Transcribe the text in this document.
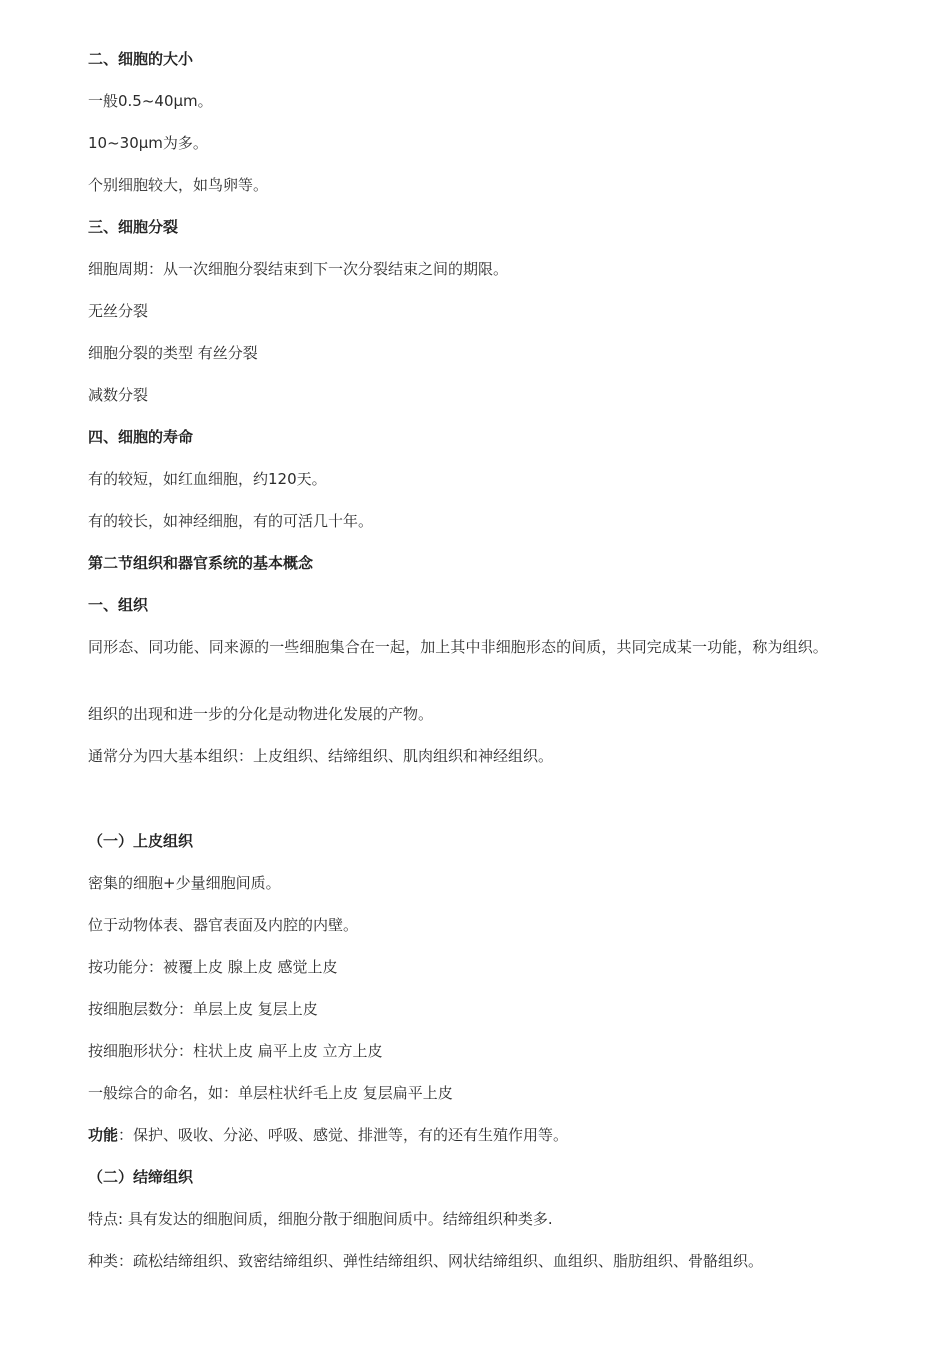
二、细胞的大小

一般0.5~40μm。

10~30μm为多。

个别细胞较大，如鸟卵等。

三、细胞分裂

细胞周期：从一次细胞分裂结束到下一次分裂结束之间的期限。

无丝分裂

细胞分裂的类型 有丝分裂

减数分裂

四、细胞的寿命

有的较短，如红血细胞，约120天。

有的较长，如神经细胞，有的可活几十年。

第二节组织和器官系统的基本概念

一、组织

同形态、同功能、同来源的一些细胞集合在一起，加上其中非细胞形态的间质，共同完成某一功能，称为组织。

组织的出现和进一步的分化是动物进化发展的产物。

通常分为四大基本组织：上皮组织、结缔组织、肌肉组织和神经组织。

（一）上皮组织

密集的细胞+少量细胞间质。

位于动物体表、器官表面及内腔的内壁。

按功能分：被覆上皮 腺上皮 感觉上皮

按细胞层数分：单层上皮 复层上皮

按细胞形状分：柱状上皮 扁平上皮 立方上皮

一般综合的命名，如：单层柱状纤毛上皮 复层扁平上皮

功能：保护、吸收、分泌、呼吸、感觉、排泄等，有的还有生殖作用等。

（二）结缔组织

特点: 具有发达的细胞间质，细胞分散于细胞间质中。结缔组织种类多.

种类：疏松结缔组织、致密结缔组织、弹性结缔组织、网状结缔组织、血组织、脂肪组织、骨骼组织。
